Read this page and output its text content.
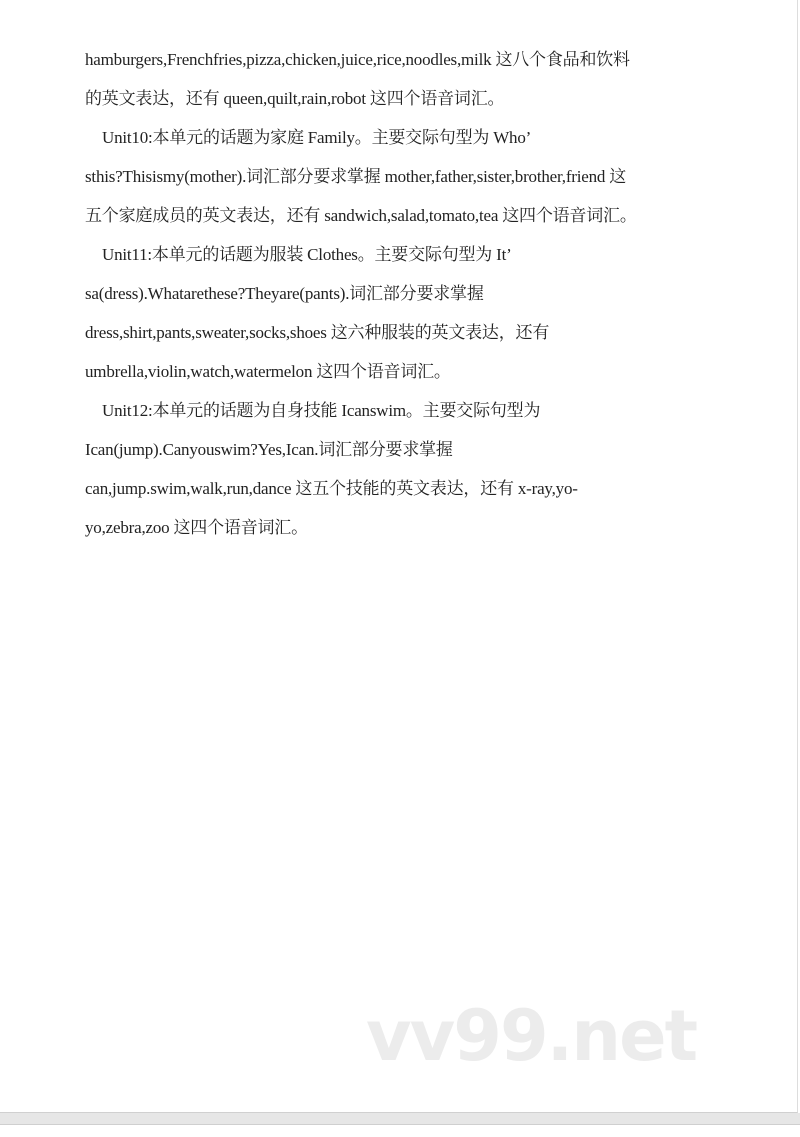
hamburgers,Frenchfries,pizza,chicken,juice,rice,noodles,milk 这八个食品和饮料
的英文表达，还有 queen,quilt,rain,robot 这四个语音词汇。
Unit10:本单元的话题为家庭 Family。主要交际句型为 Who’
sthis?Thisismy(mother).词汇部分要求掌握 mother,father,sister,brother,friend 这
五个家庭成员的英文表达，还有 sandwich,salad,tomato,tea 这四个语音词汇。
Unit11:本单元的话题为服装 Clothes。主要交际句型为 It’
sa(dress).Whatarethese?Theyare(pants).词汇部分要求掌握
dress,shirt,pants,sweater,socks,shoes 这六种服装的英文表达，还有
umbrella,violin,watch,watermelon 这四个语音词汇。
Unit12:本单元的话题为自身技能 Icanswim。主要交际句型为
Ican(jump).Canyouswim?Yes,Ican.词汇部分要求掌握
can,jump.swim,walk,run,dance 这五个技能的英文表达，还有 x-ray,yo-
yo,zebra,zoo 这四个语音词汇。
vv99.net
